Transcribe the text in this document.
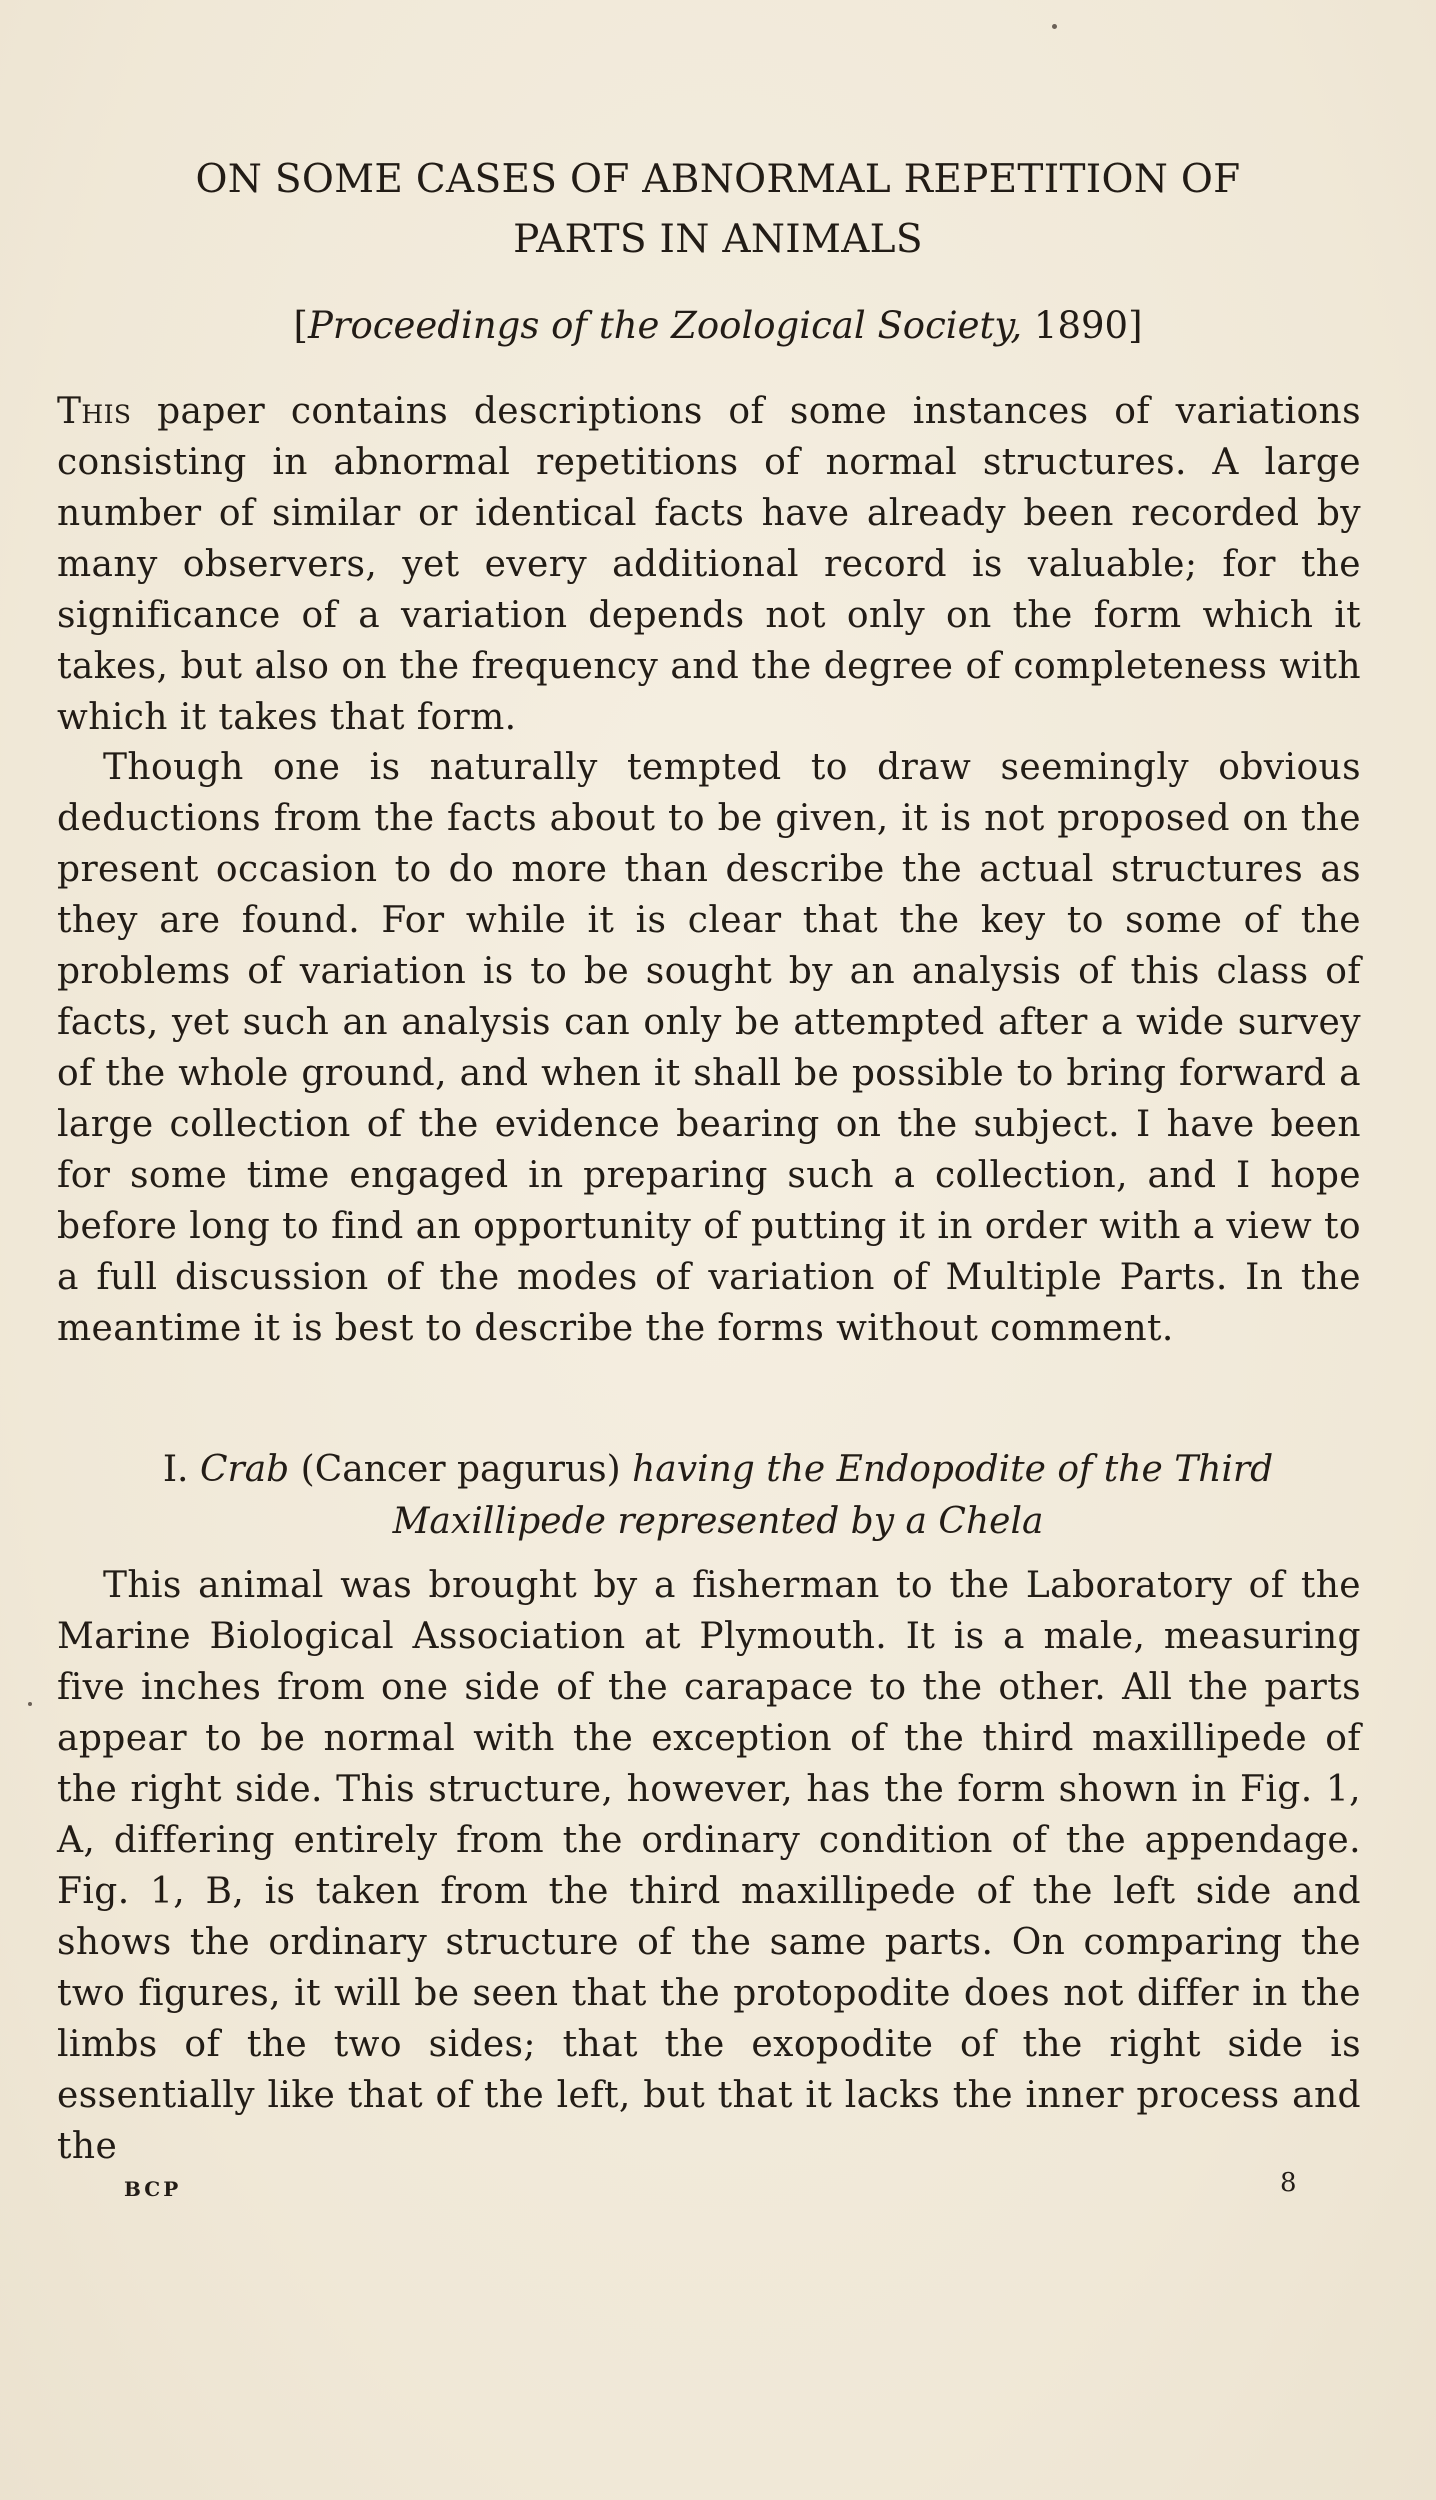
ON SOME CASES OF ABNORMAL REPETITION OF
PARTS IN ANIMALS
[Proceedings of the Zoological Society, 1890]

This paper contains descriptions of some instances of variations consisting in abnormal repetitions of normal structures. A large number of similar or identical facts have already been recorded by many observers, yet every additional record is valuable; for the significance of a variation depends not only on the form which it takes, but also on the frequency and the degree of completeness with which it takes that form.

Though one is naturally tempted to draw seemingly obvious deductions from the facts about to be given, it is not proposed on the present occasion to do more than describe the actual structures as they are found. For while it is clear that the key to some of the problems of variation is to be sought by an analysis of this class of facts, yet such an analysis can only be attempted after a wide survey of the whole ground, and when it shall be possible to bring forward a large collection of the evidence bearing on the subject. I have been for some time engaged in preparing such a collection, and I hope before long to find an opportunity of putting it in order with a view to a full discussion of the modes of variation of Multiple Parts. In the meantime it is best to describe the forms without comment.

I. Crab (Cancer pagurus) having the Endopodite of the Third
Maxillipede represented by a Chela

This animal was brought by a fisherman to the Laboratory of the Marine Biological Association at Plymouth. It is a male, measuring five inches from one side of the carapace to the other. All the parts appear to be normal with the exception of the third maxillipede of the right side. This structure, however, has the form shown in Fig. 1, A, differing entirely from the ordinary condition of the appendage. Fig. 1, B, is taken from the third maxillipede of the left side and shows the ordinary structure of the same parts. On comparing the two figures, it will be seen that the protopodite does not differ in the limbs of the two sides; that the exopodite of the right side is essentially like that of the left, but that it lacks the inner process and the

BCP	8
